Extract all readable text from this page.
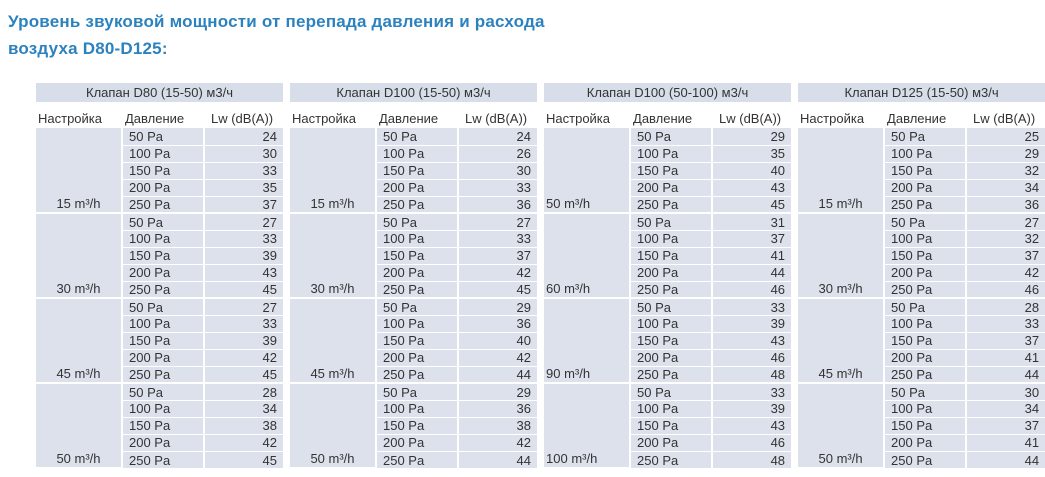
Уровень звуковой мощности от перепада давления и расхода воздуха D80-D125:
Клапан D80 (15-50) м3/ч		
Настройка	Давление	Lw (dB(A))
15 m³/h	50 Pa	24
	100 Pa	30
	150 Pa	33
	200 Pa	35
	250 Pa	37
30 m³/h	50 Pa	27
	100 Pa	33
	150 Pa	39
	200 Pa	43
	250 Pa	45
45 m³/h	50 Pa	27
	100 Pa	33
	150 Pa	39
	200 Pa	42
	250 Pa	45
50 m³/h	50 Pa	28
	100 Pa	34
	150 Pa	38
	200 Pa	42
	250 Pa	45
Клапан D100 (15-50) м3/ч		
Настройка	Давление	Lw (dB(A))
15 m³/h	50 Pa	24
	100 Pa	26
	150 Pa	30
	200 Pa	33
	250 Pa	36
30 m³/h	50 Pa	27
	100 Pa	33
	150 Pa	37
	200 Pa	42
	250 Pa	45
45 m³/h	50 Pa	29
	100 Pa	36
	150 Pa	40
	200 Pa	42
	250 Pa	44
50 m³/h	50 Pa	29
	100 Pa	36
	150 Pa	38
	200 Pa	42
	250 Pa	44
Клапан D100 (50-100) м3/ч		
Настройка	Давление	Lw (dB(A))
50 m³/h	50 Pa	29
	100 Pa	35
	150 Pa	40
	200 Pa	43
	250 Pa	45
60 m³/h	50 Pa	31
	100 Pa	37
	150 Pa	41
	200 Pa	44
	250 Pa	46
90 m³/h	50 Pa	33
	100 Pa	39
	150 Pa	43
	200 Pa	46
	250 Pa	48
100 m³/h	50 Pa	33
	100 Pa	39
	150 Pa	43
	200 Pa	46
	250 Pa	48
Клапан D125 (15-50) м3/ч		
Настройка	Давление	Lw (dB(A))
15 m³/h	50 Pa	25
	100 Pa	29
	150 Pa	32
	200 Pa	34
	250 Pa	36
30 m³/h	50 Pa	27
	100 Pa	32
	150 Pa	37
	200 Pa	42
	250 Pa	46
45 m³/h	50 Pa	28
	100 Pa	33
	150 Pa	37
	200 Pa	41
	250 Pa	44
50 m³/h	50 Pa	30
	100 Pa	34
	150 Pa	37
	200 Pa	41
	250 Pa	44
